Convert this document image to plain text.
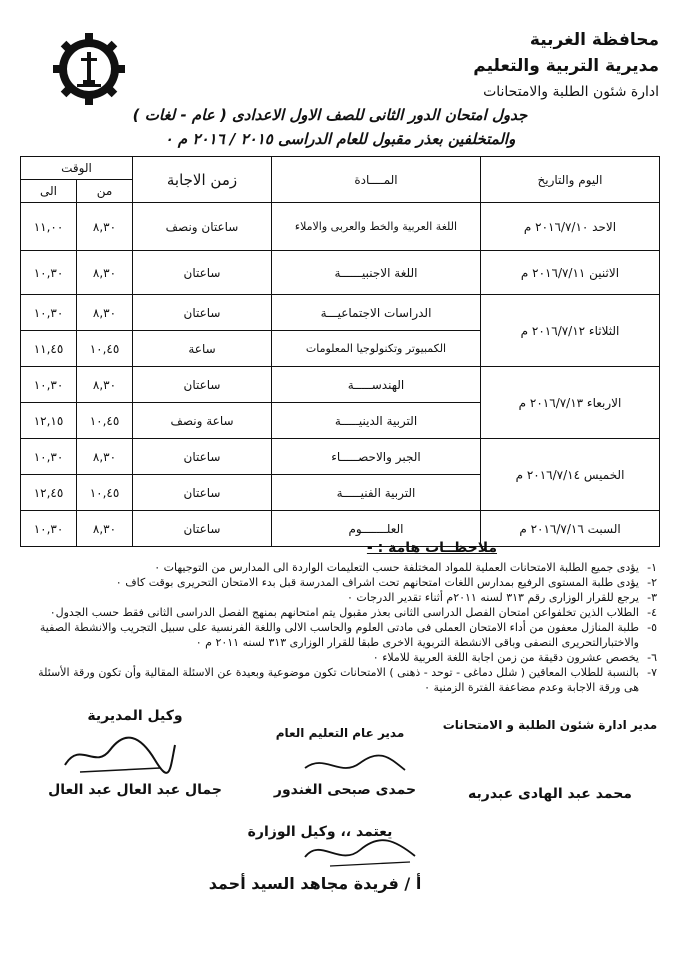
محافظة الغربية
مديرية التربية والتعليم
ادارة شئون الطلبة والامتحانات
جدول امتحان الدور الثانى للصف الاول الاعدادى ( عام - لغات )
والمتخلفين بعذر مقبول للعام الدراسى ٢٠١٥ / ٢٠١٦ م ٠
اليوم والتاريخ	المــــادة	زمن الاجابة	الوقت	
			من	الى
الاحد ٢٠١٦/٧/١٠ م	اللغة العربية والخط والعربى والاملاء	ساعتان ونصف	٨,٣٠	١١,٠٠
الاثنين ٢٠١٦/٧/١١ م	اللغة الاجنبيــــــة	ساعتان	٨,٣٠	١٠,٣٠
الثلاثاء ٢٠١٦/٧/١٢ م	الدراسات الاجتماعيـــة	ساعتان	٨,٣٠	١٠,٣٠
	الكمبيوتر وتكنولوجيا المعلومات	ساعة	١٠,٤٥	١١,٤٥
الاربعاء ٢٠١٦/٧/١٣ م	الهندســـــة	ساعتان	٨,٣٠	١٠,٣٠
	التربية الدينيـــــة	ساعة ونصف	١٠,٤٥	١٢,١٥
الخميس ٢٠١٦/٧/١٤ م	الجبر والاحصـــــاء	ساعتان	٨,٣٠	١٠,٣٠
	التربية الفنيـــــة	ساعتان	١٠,٤٥	١٢,٤٥
السبت ٢٠١٦/٧/١٦ م	العلـــــــوم	ساعتان	٨,٣٠	١٠,٣٠
ملاحظــات هامة : -
١-يؤدى جميع الطلبة الامتحانات العملية للمواد المختلفة حسب التعليمات الواردة الى المدارس من التوجيهات ٠
٢-يؤدى طلبة المستوى الرفيع بمدارس اللغات امتحانهم تحت اشراف المدرسة قبل بدء الامتحان التحريرى بوقت كاف ٠
٣-يرجع للقرار الوزارى رقم ٣١٣ لسنه ٢٠١١م أثناء تقدير الدرجات ٠
٤-الطلاب الذين تخلفواعن امتحان الفصل الدراسى الثانى بعذر مقبول يتم امتحانهم بمنهج الفصل الدراسى الثانى فقط حسب الجدول٠
٥-طلبة المنازل معفون من أداء الامتحان العملى فى مادتى العلوم والحاسب الالى واللغة الفرنسية على سبيل التجريب والانشطة الصفية
والاختبارالتحريرى النصفى وباقى الانشطة التربوية الاخرى طبقا للقرار الوزارى ٣١٣ لسنه ٢٠١١ م ٠
٦-يخصص عشرون دقيقة من زمن اجابة اللغة العربية للاملاء ٠
٧-بالنسبة للطلاب المعاقين ( شلل دماغى - توحد - ذهنى ) الامتحانات تكون موضوعية وبعيدة عن الاسئلة المقالية وأن تكون ورقة الأسئلة
هى ورقة الاجابة وعدم مضاعفة الفترة الزمنية ٠
مدير ادارة شئون الطلبة و الامتحانات
مدير عام التعليم العام
وكيل المديرية
محمد عبد الهادى عبدربه
حمدى صبحى الغندور
جمال عبد العال عبد العال
يعتمد ،، وكيل الوزارة
أ / فريدة مجاهد السيد أحمد
